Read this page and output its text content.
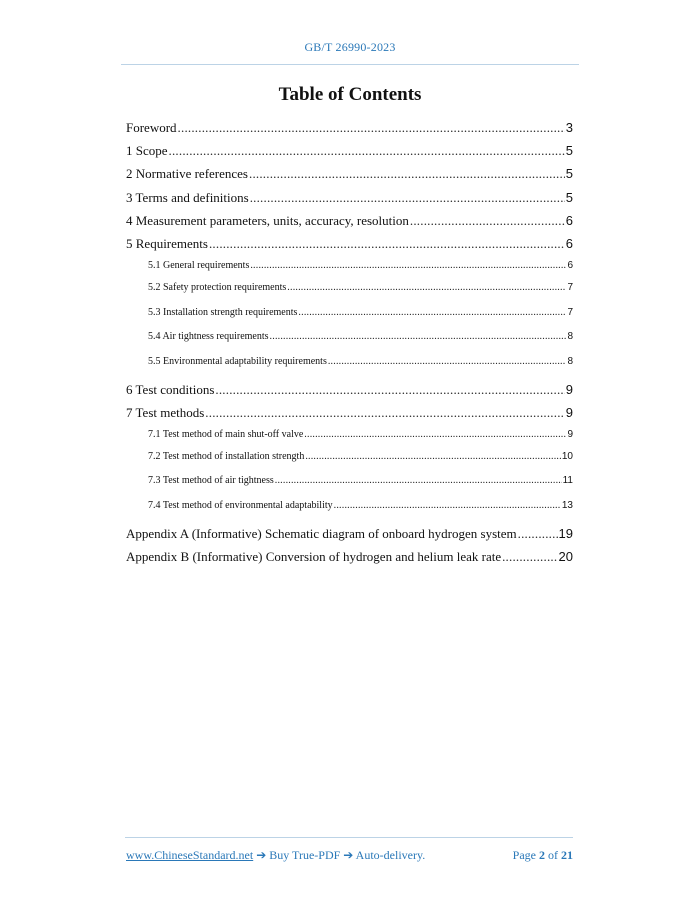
GB/T 26990-2023
Table of Contents
Foreword .....	3
1 Scope .....	5
2 Normative references .....	5
3 Terms and definitions .....	5
4 Measurement parameters, units, accuracy, resolution .....	6
5 Requirements .....	6
5.1 General requirements .....	6
5.2 Safety protection requirements .....	7
5.3 Installation strength requirements .....	7
5.4 Air tightness requirements .....	8
5.5 Environmental adaptability requirements .....	8
6 Test conditions .....	9
7 Test methods .....	9
7.1 Test method of main shut-off valve .....	9
7.2 Test method of installation strength .....	10
7.3 Test method of air tightness .....	11
7.4 Test method of environmental adaptability .....	13
Appendix A (Informative) Schematic diagram of onboard hydrogen system .....	19
Appendix B (Informative) Conversion of hydrogen and helium leak rate .....	20
www.ChineseStandard.net ➔ Buy True-PDF ➔ Auto-delivery.	Page 2 of 21
